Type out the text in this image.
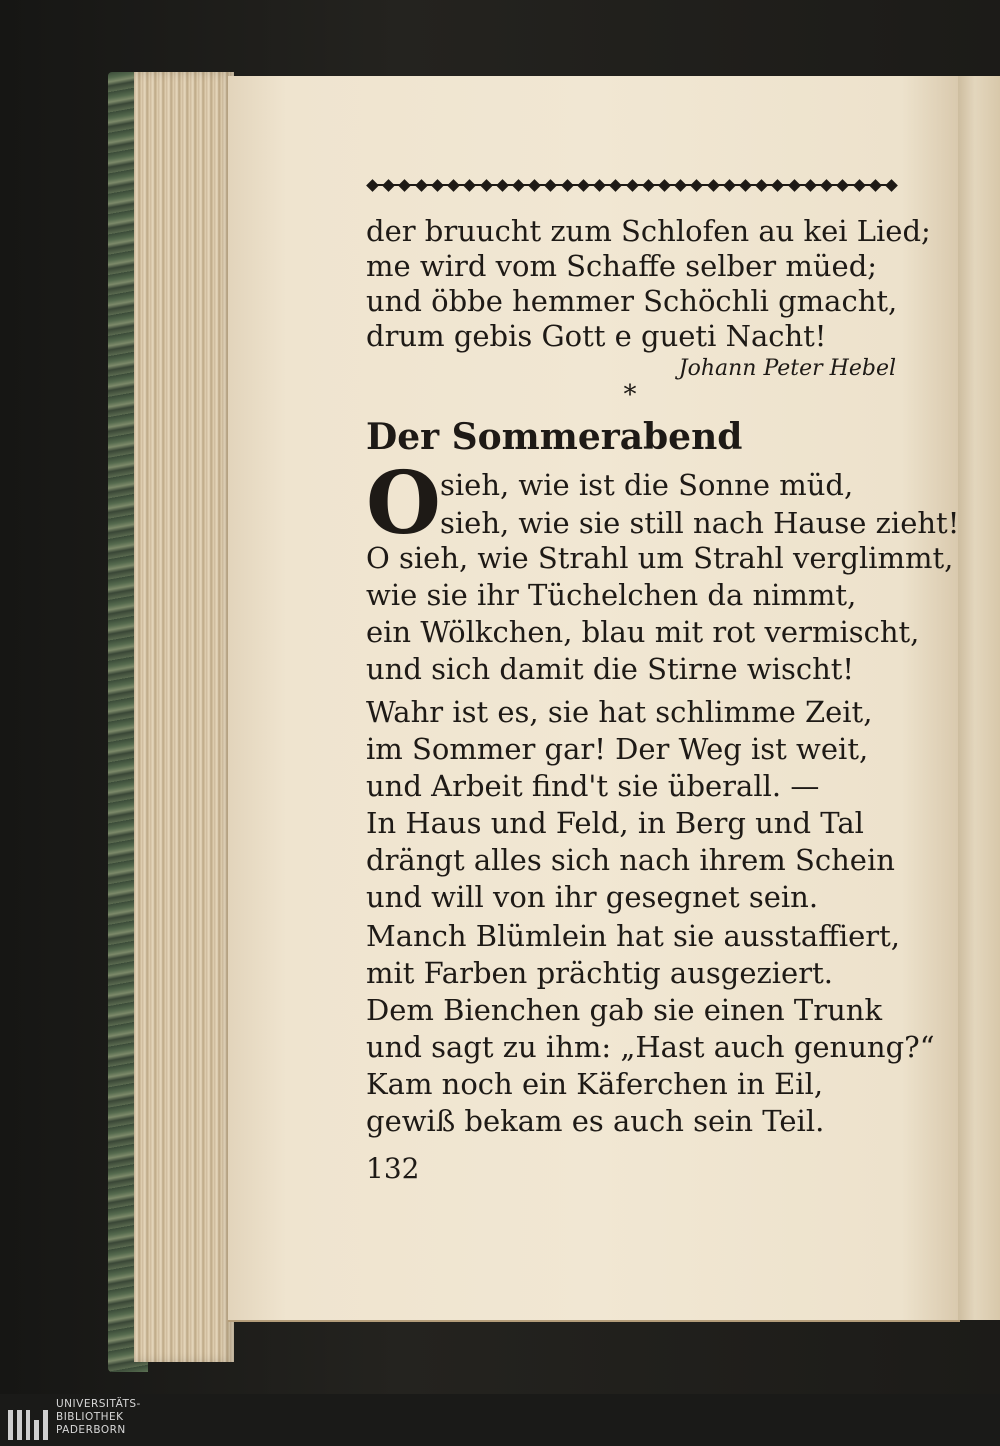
der bruucht zum Schlofen au kei Lied;
me wird vom Schaffe selber müed;
und öbbe hemmer Schöchli gmacht,
drum gebis Gott e gueti Nacht!
Johann Peter Hebel
*
Der Sommerabend
O sieh, wie ist die Sonne müd,
sieh, wie sie still nach Hause zieht!
O sieh, wie Strahl um Strahl verglimmt,
wie sie ihr Tüchelchen da nimmt,
ein Wölkchen, blau mit rot vermischt,
und sich damit die Stirne wischt!
Wahr ist es, sie hat schlimme Zeit,
im Sommer gar! Der Weg ist weit,
und Arbeit find't sie überall. —
In Haus und Feld, in Berg und Tal
drängt alles sich nach ihrem Schein
und will von ihr gesegnet sein.
Manch Blümlein hat sie ausstaffiert,
mit Farben prächtig ausgeziert.
Dem Bienchen gab sie einen Trunk
und sagt zu ihm: „Hast auch genung?“
Kam noch ein Käferchen in Eil,
gewiß bekam es auch sein Teil.
132
UNIVERSITÄTS-
BIBLIOTHEK
PADERBORN
